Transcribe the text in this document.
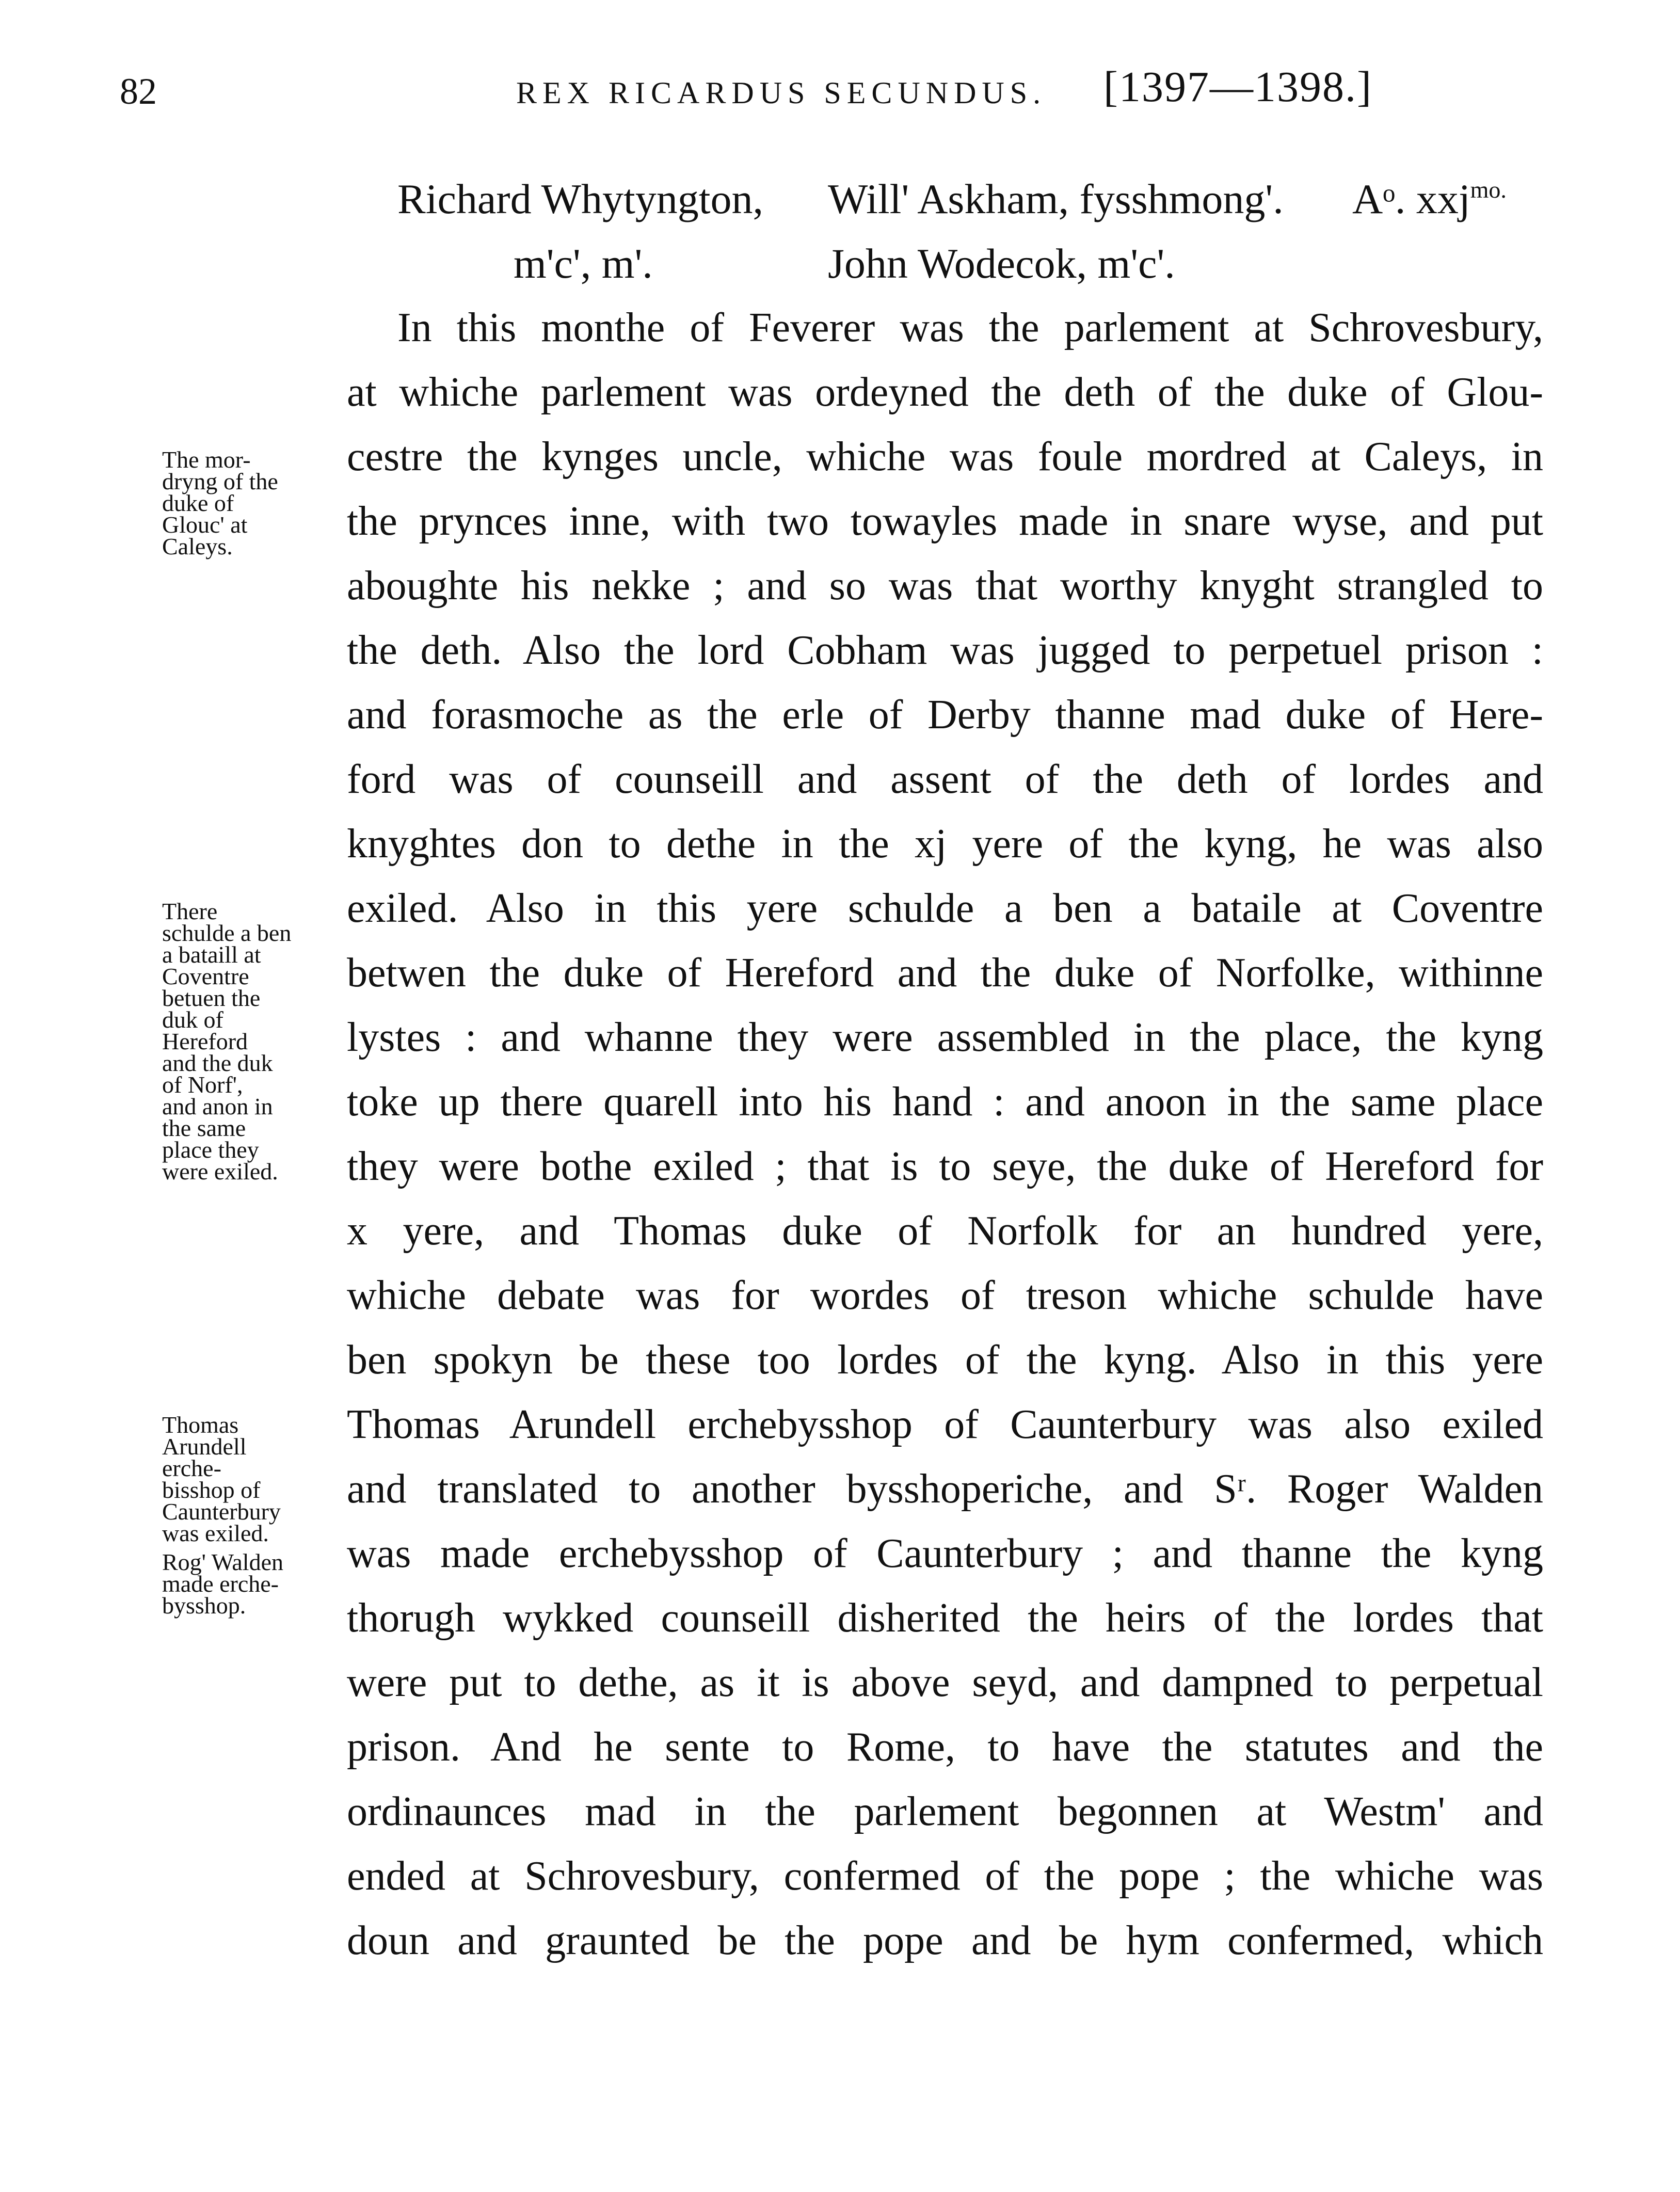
82	REX RICARDUS SECUNDUS. [1397—1398.]
Richard Whytyngton, Will' Askham, fysshmong'. Aᵒ. xxj$^{mo.}$
m'c', m'.	John Wodecok, m'c'.
In this monthe of Feverer was the parlement at Schrovesbury,
at whiche parlement was ordeyned the deth of the duke of Glou-
cestre the kynges uncle, whiche was foule mordred at Caleys, in
the prynces inne, with two towayles made in snare wyse, and put
aboughte his nekke ; and so was that worthy knyght strangled to
the deth. Also the lord Cobham was jugged to perpetuel prison :
and forasmoche as the erle of Derby thanne mad duke of Here-
ford was of counseill and assent of the deth of lordes and
knyghtes don to dethe in the xj yere of the kyng, he was also
exiled. Also in this yere schulde a ben a bataile at Coventre
betwen the duke of Hereford and the duke of Norfolke, withinne
lystes : and whanne they were assembled in the place, the kyng
toke up there quarell into his hand : and anoon in the same place
they were bothe exiled ; that is to seye, the duke of Hereford for
x yere, and Thomas duke of Norfolk for an hundred yere,
whiche debate was for wordes of treson whiche schulde have
ben spokyn be these too lordes of the kyng. Also in this yere
Thomas Arundell erchebysshop of Caunterbury was also exiled
and translated to another bysshoperiche, and Sʳ. Roger Walden
was made erchebysshop of Caunterbury ; and thanne the kyng
thorugh wykked counseill disherited the heirs of the lordes that
were put to dethe, as it is above seyd, and dampned to perpetual
prison. And he sente to Rome, to have the statutes and the
ordinaunces mad in the parlement begonnen at Westm' and
ended at Schrovesbury, confermed of the pope ; the whiche was
doun and graunted be the pope and be hym confermed, which
The mor-
dryng of the
duke of
Glouc' at
Caleys.
There
schulde a ben
a bataill at
Coventre
betuen the
duk of
Hereford
and the duk
of Norf',
and anon in
the same
place they
were exiled.
Thomas
Arundell
erche-
bisshop of
Caunterbury
was exiled.
Rog' Walden
made erche-
bysshop.
